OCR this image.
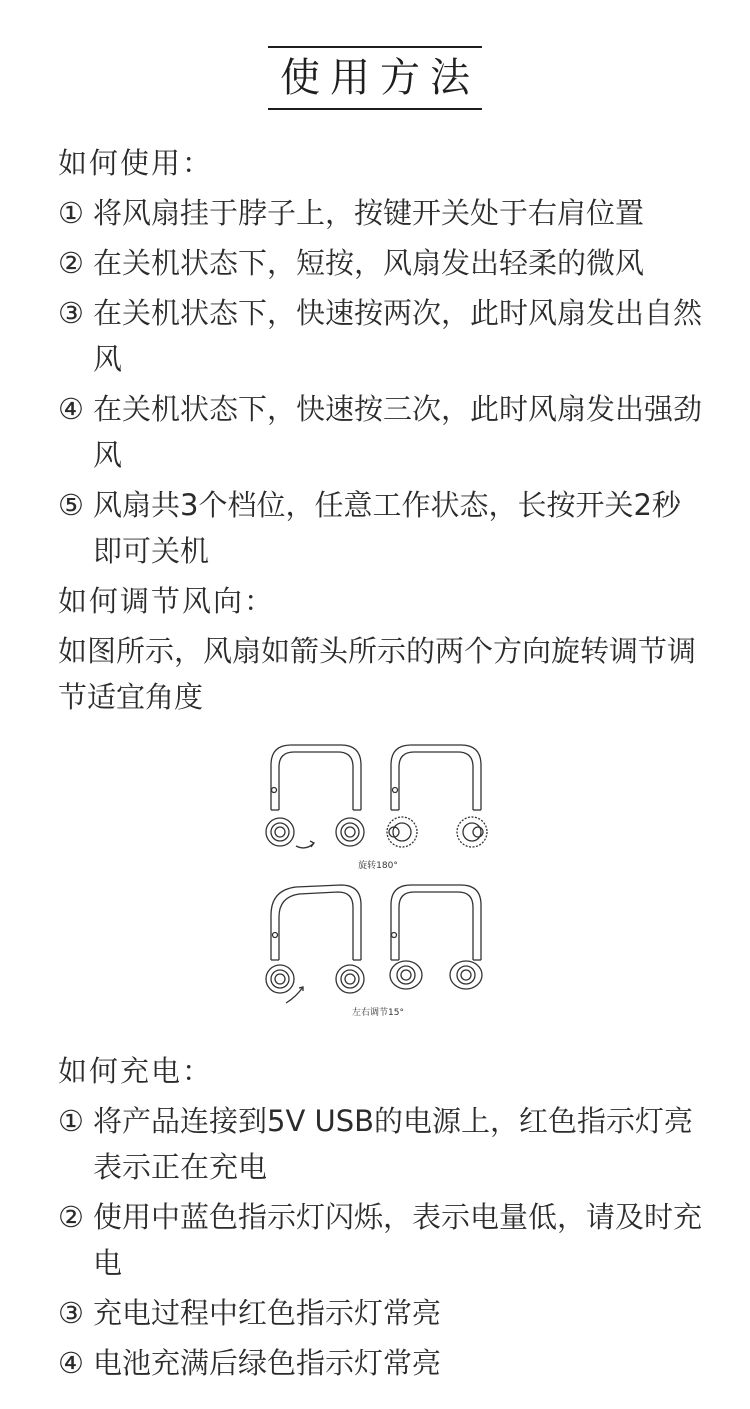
使用方法

如何使用：

① 将风扇挂于脖子上，按键开关处于右肩位置
② 在关机状态下，短按，风扇发出轻柔的微风
③ 在关机状态下，快速按两次，此时风扇发出自然风
④ 在关机状态下，快速按三次，此时风扇发出强劲风
⑤ 风扇共3个档位，任意工作状态，长按开关2秒即可关机

如何调节风向：

如图所示，风扇如箭头所示的两个方向旋转调节调节适宜角度

旋转180°
左右调节15°

如何充电：

① 将产品连接到5V USB的电源上，红色指示灯亮表示正在充电
② 使用中蓝色指示灯闪烁，表示电量低，请及时充电
③ 充电过程中红色指示灯常亮
④ 电池充满后绿色指示灯常亮
